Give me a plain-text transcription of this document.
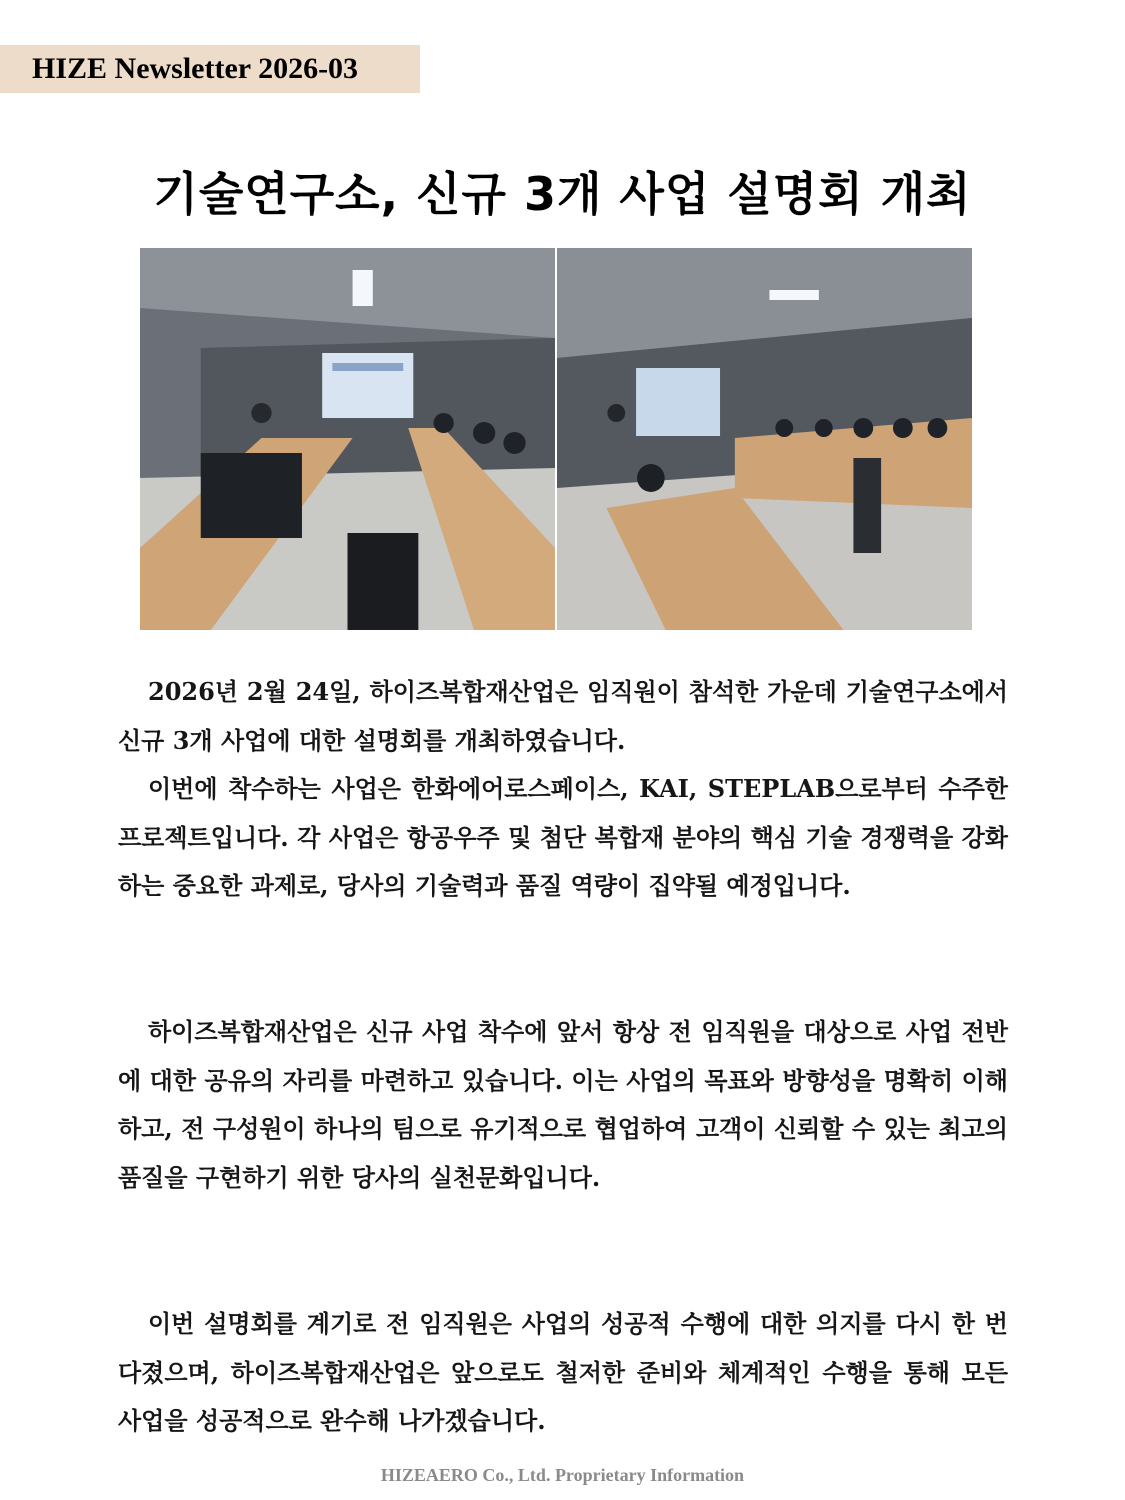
HIZE Newsletter 2026-03
기술연구소, 신규 3개 사업 설명회 개최

2026년 2월 24일, 하이즈복합재산업은 임직원이 참석한 가운데 기술연구소에서 신규 3개 사업에 대한 설명회를 개최하였습니다.

이번에 착수하는 사업은 한화에어로스페이스, KAI, STEPLAB으로부터 수주한 프로젝트입니다. 각 사업은 항공우주 및 첨단 복합재 분야의 핵심 기술 경쟁력을 강화하는 중요한 과제로, 당사의 기술력과 품질 역량이 집약될 예정입니다.

하이즈복합재산업은 신규 사업 착수에 앞서 항상 전 임직원을 대상으로 사업 전반에 대한 공유의 자리를 마련하고 있습니다. 이는 사업의 목표와 방향성을 명확히 이해하고, 전 구성원이 하나의 팀으로 유기적으로 협업하여 고객이 신뢰할 수 있는 최고의 품질을 구현하기 위한 당사의 실천문화입니다.

이번 설명회를 계기로 전 임직원은 사업의 성공적 수행에 대한 의지를 다시 한 번 다졌으며, 하이즈복합재산업은 앞으로도 철저한 준비와 체계적인 수행을 통해 모든 사업을 성공적으로 완수해 나가겠습니다.

HIZEAERO Co., Ltd. Proprietary Information
